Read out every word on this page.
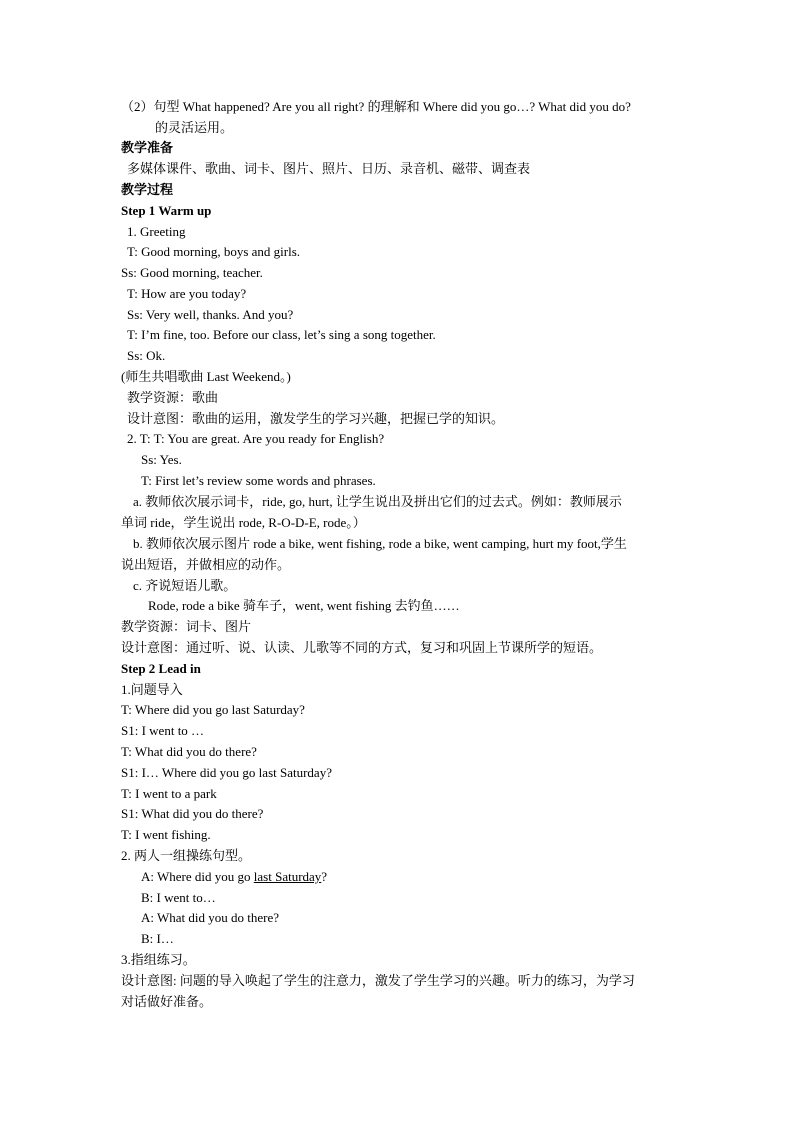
（2）句型 What happened? Are you all right? 的理解和 Where did you go…? What did you do?
的灵活运用。
教学准备
多媒体课件、歌曲、词卡、图片、照片、日历、录音机、磁带、调查表
教学过程
Step 1 Warm up
1. Greeting
T: Good morning, boys and girls.
Ss: Good morning, teacher.
T: How are you today?
Ss: Very well, thanks. And you?
T: I’m fine, too. Before our class, let’s sing a song together.
Ss: Ok.
(师生共唱歌曲 Last Weekend。)
教学资源：歌曲
设计意图：歌曲的运用，激发学生的学习兴趣，把握已学的知识。
2. T: T: You are great. Are you ready for English?
Ss: Yes.
T: First let’s review some words and phrases.
a. 教师依次展示词卡，ride, go, hurt, 让学生说出及拼出它们的过去式。例如：教师展示
单词 ride，学生说出 rode, R-O-D-E, rode。）
b. 教师依次展示图片 rode a bike, went fishing, rode a bike, went camping, hurt my foot,学生
说出短语，并做相应的动作。
c. 齐说短语儿歌。
Rode, rode a bike 骑车子，went, went fishing 去钓鱼……
教学资源：词卡、图片
设计意图：通过听、说、认读、儿歌等不同的方式，复习和巩固上节课所学的短语。
Step 2 Lead in
1.问题导入
T: Where did you go last Saturday?
S1: I went to …
T: What did you do there?
S1: I… Where did you go last Saturday?
T: I went to a park
S1: What did you do there?
T: I went fishing.
2. 两人一组操练句型。
A: Where did you go last Saturday?
B: I went to…
A: What did you do there?
B: I…
3.指组练习。
设计意图: 问题的导入唤起了学生的注意力，激发了学生学习的兴趣。听力的练习，为学习
对话做好准备。
